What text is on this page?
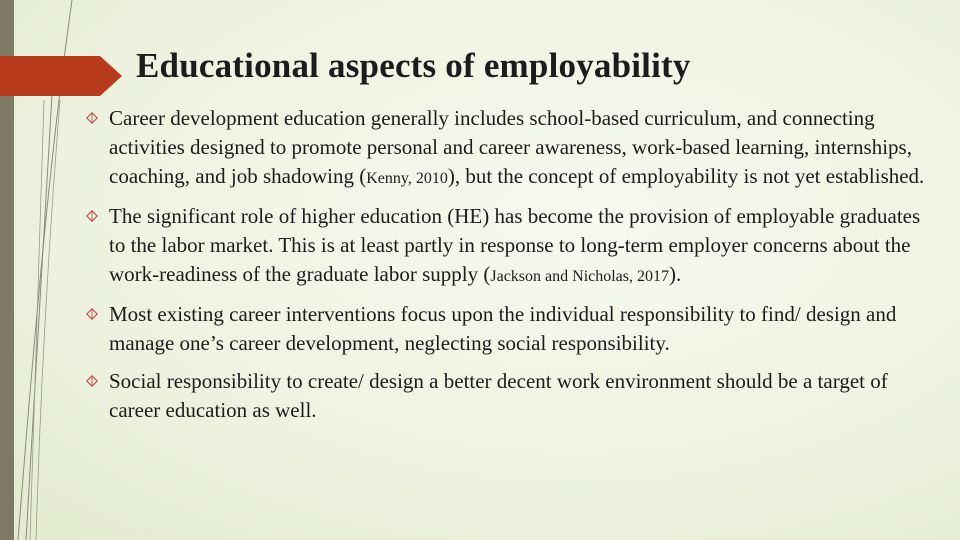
Educational aspects of employability
Career development education generally includes school-based curriculum, and connecting activities designed to promote personal and career awareness, work-based learning, internships, coaching, and job shadowing (Kenny, 2010), but the concept of employability is not yet established.
The significant role of higher education (HE) has become the provision of employable graduates to the labor market. This is at least partly in response to long-term employer concerns about the work-readiness of the graduate labor supply (Jackson and Nicholas, 2017).
Most existing career interventions focus upon the individual responsibility to find/ design and manage one’s career development, neglecting social responsibility.
Social responsibility to create/ design a better decent work environment should be a target of career education as well.
